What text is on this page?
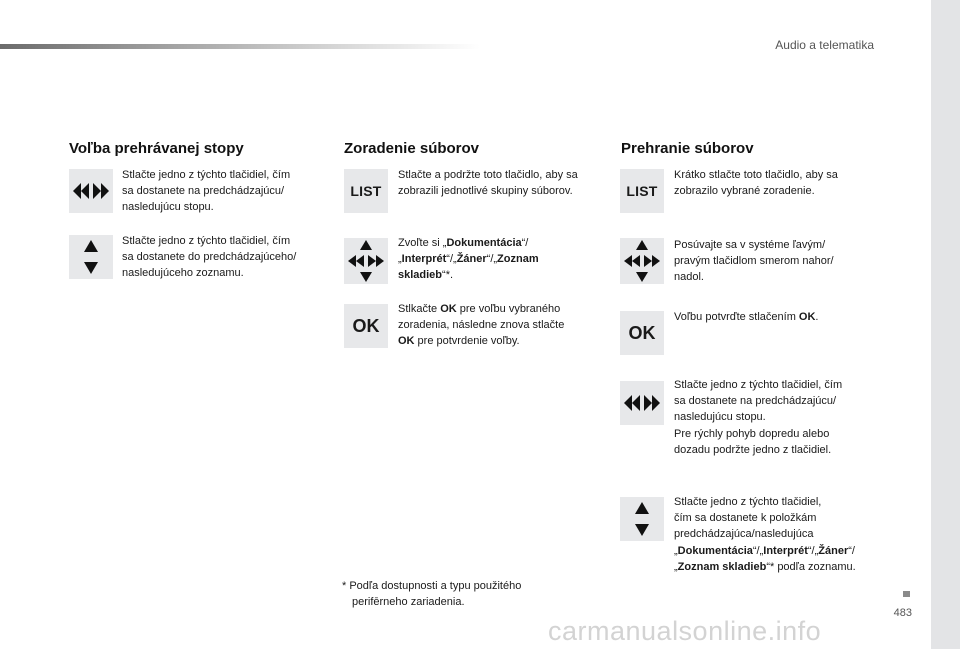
Audio a telematika
Voľba prehrávanej stopy
Stlačte jedno z týchto tlačidiel, čím
sa dostanete na predchádzajúcu/
nasledujúcu stopu.
Stlačte jedno z týchto tlačidiel, čím
sa dostanete do predchádzajúceho/
nasledujúceho zoznamu.
Zoradenie súborov
LIST
Stlačte a podržte toto tlačidlo, aby sa
zobrazili jednotlivé skupiny súborov.
Zvoľte si „Dokumentácia“/
„Interprét“/„Žáner“/„Zoznam
skladieb“*.
OK
Stlkačte OK pre voľbu vybraného
zoradenia, následne znova stlačte
OK pre potvrdenie voľby.
Prehranie súborov
LIST
Krátko stlačte toto tlačidlo, aby sa
zobrazilo vybrané zoradenie.
Posúvajte sa v systéme ľavým/
pravým tlačidlom smerom nahor/
nadol.
OK
Voľbu potvrďte stlačením OK.
Stlačte jedno z týchto tlačidiel, čím
sa dostanete na predchádzajúcu/
nasledujúcu stopu.
Pre rýchly pohyb dopredu alebo
dozadu podržte jedno z tlačidiel.
Stlačte jedno z týchto tlačidiel,
čím sa dostanete k položkám
predchádzajúca/nasledujúca
„Dokumentácia“/„Interprét“/„Žáner“/
„Zoznam skladieb“* podľa zoznamu.
* Podľa dostupnosti a typu použitého
perifērneho zariadenia.
483
carmanualsonline.info
